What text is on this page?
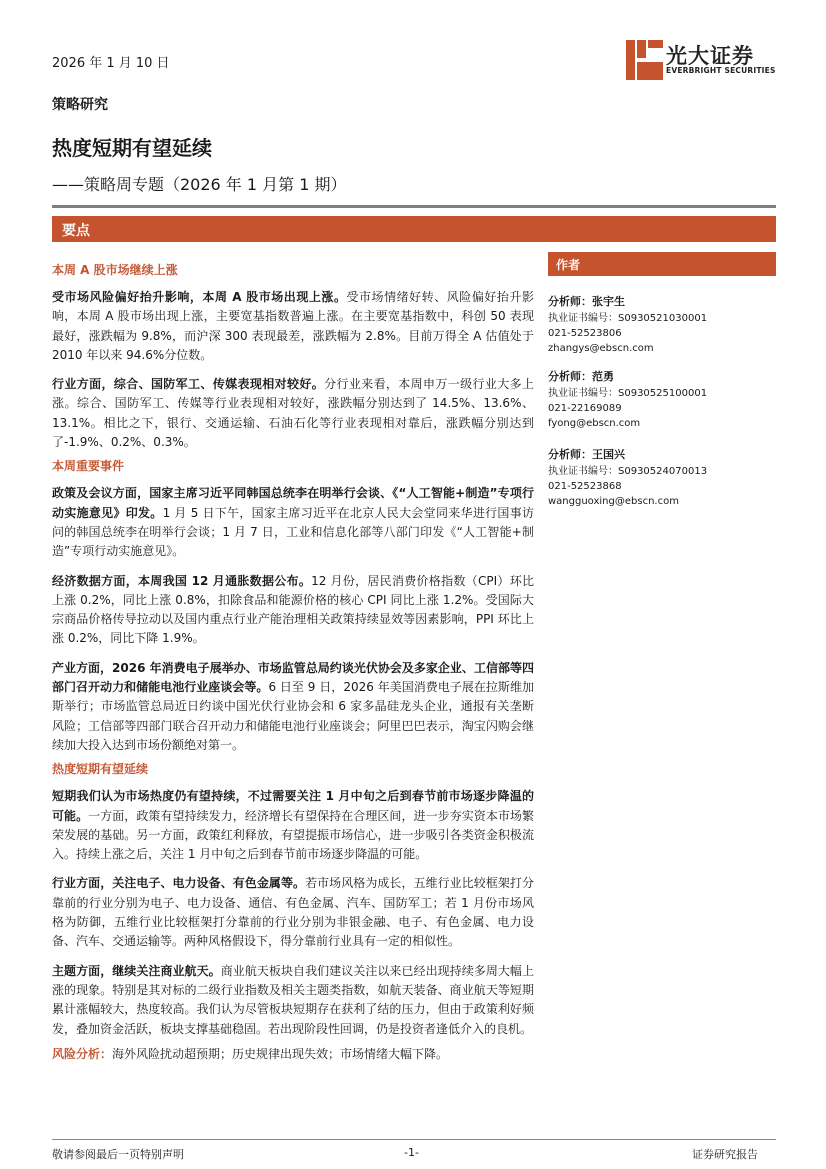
2026 年 1 月 10 日	光大证券
EVERBRIGHT SECURITIES
策略研究
热度短期有望延续
——策略周专题（2026 年 1 月第 1 期）
要点
作者
分析师：张宇生
执业证书编号：S0930521030001
021-52523806
zhangys@ebscn.com
分析师：范勇
执业证书编号：S0930525100001
021-22169089
fyong@ebscn.com
分析师：王国兴
执业证书编号：S0930524070013
021-52523868
wangguoxing@ebscn.com

本周 A 股市场继续上涨

受市场风险偏好抬升影响，本周 A 股市场出现上涨。受市场情绪好转、风险偏好抬升影响，本周 A 股市场出现上涨，主要宽基指数普遍上涨。在主要宽基指数中，科创 50 表现最好，涨跌幅为 9.8%，而沪深 300 表现最差，涨跌幅为 2.8%。目前万得全 A 估值处于 2010 年以来 94.6%分位数。

行业方面，综合、国防军工、传媒表现相对较好。分行业来看，本周申万一级行业大多上涨。综合、国防军工、传媒等行业表现相对较好，涨跌幅分别达到了 14.5%、13.6%、13.1%。相比之下，银行、交通运输、石油石化等行业表现相对靠后，涨跌幅分别达到了-1.9%、0.2%、0.3%。

本周重要事件

政策及会议方面，国家主席习近平同韩国总统李在明举行会谈、《“人工智能+制造”专项行动实施意见》印发。1 月 5 日下午，国家主席习近平在北京人民大会堂同来华进行国事访问的韩国总统李在明举行会谈；1 月 7 日，工业和信息化部等八部门印发《“人工智能+制造”专项行动实施意见》。

经济数据方面，本周我国 12 月通胀数据公布。12 月份，居民消费价格指数（CPI）环比上涨 0.2%，同比上涨 0.8%，扣除食品和能源价格的核心 CPI 同比上涨 1.2%。受国际大宗商品价格传导拉动以及国内重点行业产能治理相关政策持续显效等因素影响，PPI 环比上涨 0.2%，同比下降 1.9%。

产业方面，2026 年消费电子展举办、市场监管总局约谈光伏协会及多家企业、工信部等四部门召开动力和储能电池行业座谈会等。6 日至 9 日，2026 年美国消费电子展在拉斯维加斯举行；市场监管总局近日约谈中国光伏行业协会和 6 家多晶硅龙头企业，通报有关垄断风险；工信部等四部门联合召开动力和储能电池行业座谈会；阿里巴巴表示，淘宝闪购会继续加大投入达到市场份额绝对第一。

热度短期有望延续

短期我们认为市场热度仍有望持续，不过需要关注 1 月中旬之后到春节前市场逐步降温的可能。一方面，政策有望持续发力，经济增长有望保持在合理区间，进一步夯实资本市场繁荣发展的基础。另一方面，政策红利释放，有望提振市场信心，进一步吸引各类资金积极流入。持续上涨之后，关注 1 月中旬之后到春节前市场逐步降温的可能。

行业方面，关注电子、电力设备、有色金属等。若市场风格为成长，五维行业比较框架打分靠前的行业分别为电子、电力设备、通信、有色金属、汽车、国防军工；若 1 月份市场风格为防御，五维行业比较框架打分靠前的行业分别为非银金融、电子、有色金属、电力设备、汽车、交通运输等。两种风格假设下，得分靠前行业具有一定的相似性。

主题方面，继续关注商业航天。商业航天板块自我们建议关注以来已经出现持续多周大幅上涨的现象。特别是其对标的二级行业指数及相关主题类指数，如航天装备、商业航天等短期累计涨幅较大，热度较高。我们认为尽管板块短期存在获利了结的压力，但由于政策利好频发，叠加资金活跃，板块支撑基础稳固。若出现阶段性回调，仍是投资者逢低介入的良机。

风险分析：海外风险扰动超预期；历史规律出现失效；市场情绪大幅下降。

敬请参阅最后一页特别声明	-1-	证券研究报告
